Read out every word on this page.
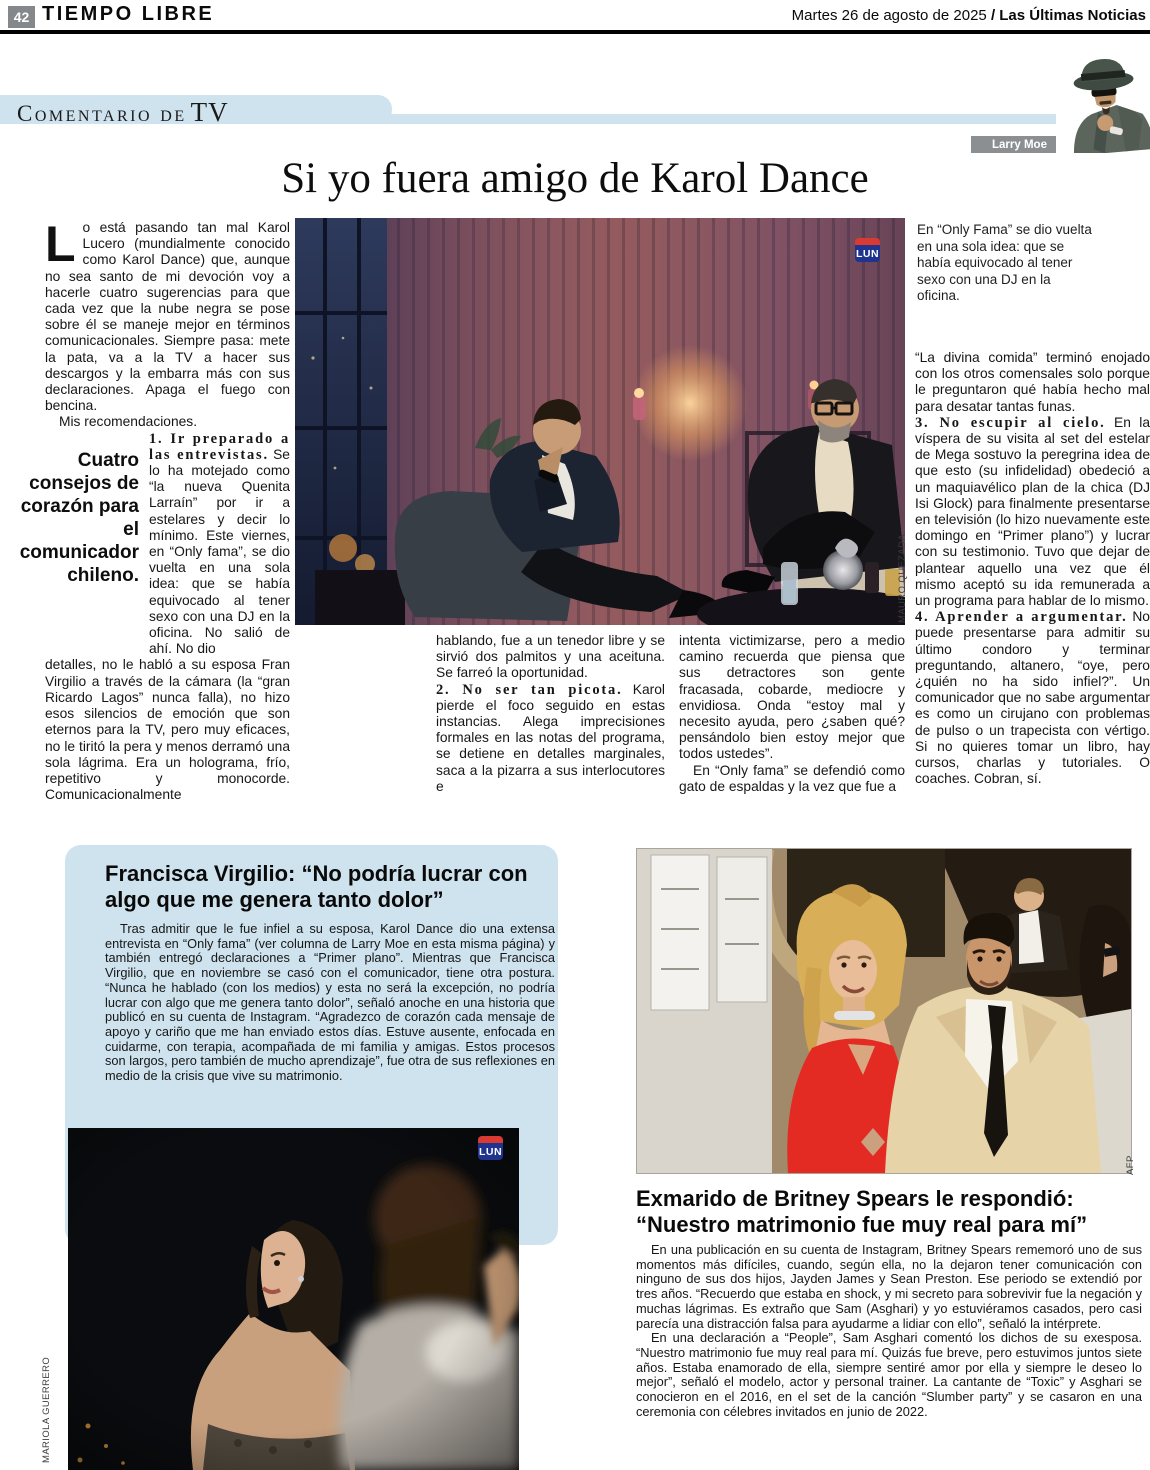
42 TIEMPO LIBRE	Martes 26 de agosto de 2025 / Las Últimas Noticias
Comentario de TV
Larry Moe
Si yo fuera amigo de Karol Dance

Lo está pasando tan mal Karol Lucero (mundialmente conocido como Karol Dance) que, aunque no sea santo de mi devoción voy a hacerle cuatro sugerencias para que cada vez que la nube negra se pose sobre él se maneje mejor en términos comunicacionales. Siempre pasa: mete la pata, va a la TV a hacer sus descargos y la embarra más con sus declaraciones. Apaga el fuego con bencina.

Mis recomendaciones.

Cuatro consejos de corazón para el comunicador chileno.

1. Ir preparado a las entrevistas. Se lo ha motejado como “la nueva Quenita Larraín” por ir a estelares y decir lo mínimo. Este viernes, en “Only fama”, se dio vuelta en una sola idea: que se había equivocado al tener sexo con una DJ en la oficina. No salió de ahí. No dio

detalles, no le habló a su esposa Fran Virgilio a través de la cámara (la “gran Ricardo Lagos” nunca falla), no hizo esos silencios de emoción que son eternos para la TV, pero muy eficaces, no le tiritó la pera y menos derramó una sola lágrima. Era un holograma, frío, repetitivo y monocorde. Comunicacionalmente

LUN
MAURO QUEZADA.

hablando, fue a un tenedor libre y se sirvió dos palmitos y una aceituna. Se farreó la oportunidad.

2. No ser tan picota. Karol pierde el foco seguido en estas instancias. Alega imprecisiones formales en las notas del programa, se detiene en detalles marginales, saca a la pizarra a sus interlocutores e

intenta victimizarse, pero a medio camino recuerda que piensa que sus detractores son gente fracasada, cobarde, mediocre y envidiosa. Onda “estoy mal y necesito ayuda, pero ¿saben qué? pensándolo bien estoy mejor que todos ustedes”.

En “Only fama” se defendió como gato de espaldas y la vez que fue a

En “Only Fama” se dio vuelta en una sola idea: que se había equivocado al tener sexo con una DJ en la oficina.

“La divina comida” terminó enojado con los otros comensales solo porque le preguntaron qué había hecho mal para desatar tantas funas.

3. No escupir al cielo. En la víspera de su visita al set del estelar de Mega sostuvo la peregrina idea de que esto (su infidelidad) obedeció a un maquiavélico plan de la chica (DJ Isi Glock) para finalmente presentarse en televisión (lo hizo nuevamente este domingo en “Primer plano”) y lucrar con su testimonio. Tuvo que dejar de plantear aquello una vez que él mismo aceptó su ida remunerada a un programa para hablar de lo mismo.

4. Aprender a argumentar. No puede presentarse para admitir su último condoro y terminar preguntando, altanero, “oye, pero ¿quién no ha sido infiel?”. Un comunicador que no sabe argumentar es como un cirujano con problemas de pulso o un trapecista con vértigo. Si no quieres tomar un libro, hay cursos, charlas y tutoriales. O coaches. Cobran, sí.

Francisca Virgilio: “No podría lucrar con algo que me genera tanto dolor”

Tras admitir que le fue infiel a su esposa, Karol Dance dio una extensa entrevista en “Only fama” (ver columna de Larry Moe en esta misma página) y también entregó declaraciones a “Primer plano”. Mientras que Francisca Virgilio, que en noviembre se casó con el comunicador, tiene otra postura. “Nunca he hablado (con los medios) y esta no será la excepción, no podría lucrar con algo que me genera tanto dolor”, señaló anoche en una historia que publicó en su cuenta de Instagram. “Agradezco de corazón cada mensaje de apoyo y cariño que me han enviado estos días. Estuve ausente, enfocada en cuidarme, con terapia, acompañada de mi familia y amigas. Estos procesos son largos, pero también de mucho aprendizaje”, fue otra de sus reflexiones en medio de la crisis que vive su matrimonio.

LUN
MARIOLA GUERRERO
AFP
Exmarido de Britney Spears le respondió: “Nuestro matrimonio fue muy real para mí”

En una publicación en su cuenta de Instagram, Britney Spears rememoró uno de sus momentos más difíciles, cuando, según ella, no la dejaron tener comunicación con ninguno de sus dos hijos, Jayden James y Sean Preston. Ese periodo se extendió por tres años. “Recuerdo que estaba en shock, y mi secreto para sobrevivir fue la negación y muchas lágrimas. Es extraño que Sam (Asghari) y yo estuviéramos casados, pero casi parecía una distracción falsa para ayudarme a lidiar con ello”, señaló la intérprete.

En una declaración a “People”, Sam Asghari comentó los dichos de su exesposa. “Nuestro matrimonio fue muy real para mí. Quizás fue breve, pero estuvimos juntos siete años. Estaba enamorado de ella, siempre sentiré amor por ella y siempre le deseo lo mejor”, señaló el modelo, actor y personal trainer. La cantante de “Toxic” y Asghari se conocieron en el 2016, en el set de la canción “Slumber party” y se casaron en una ceremonia con célebres invitados en junio de 2022.
